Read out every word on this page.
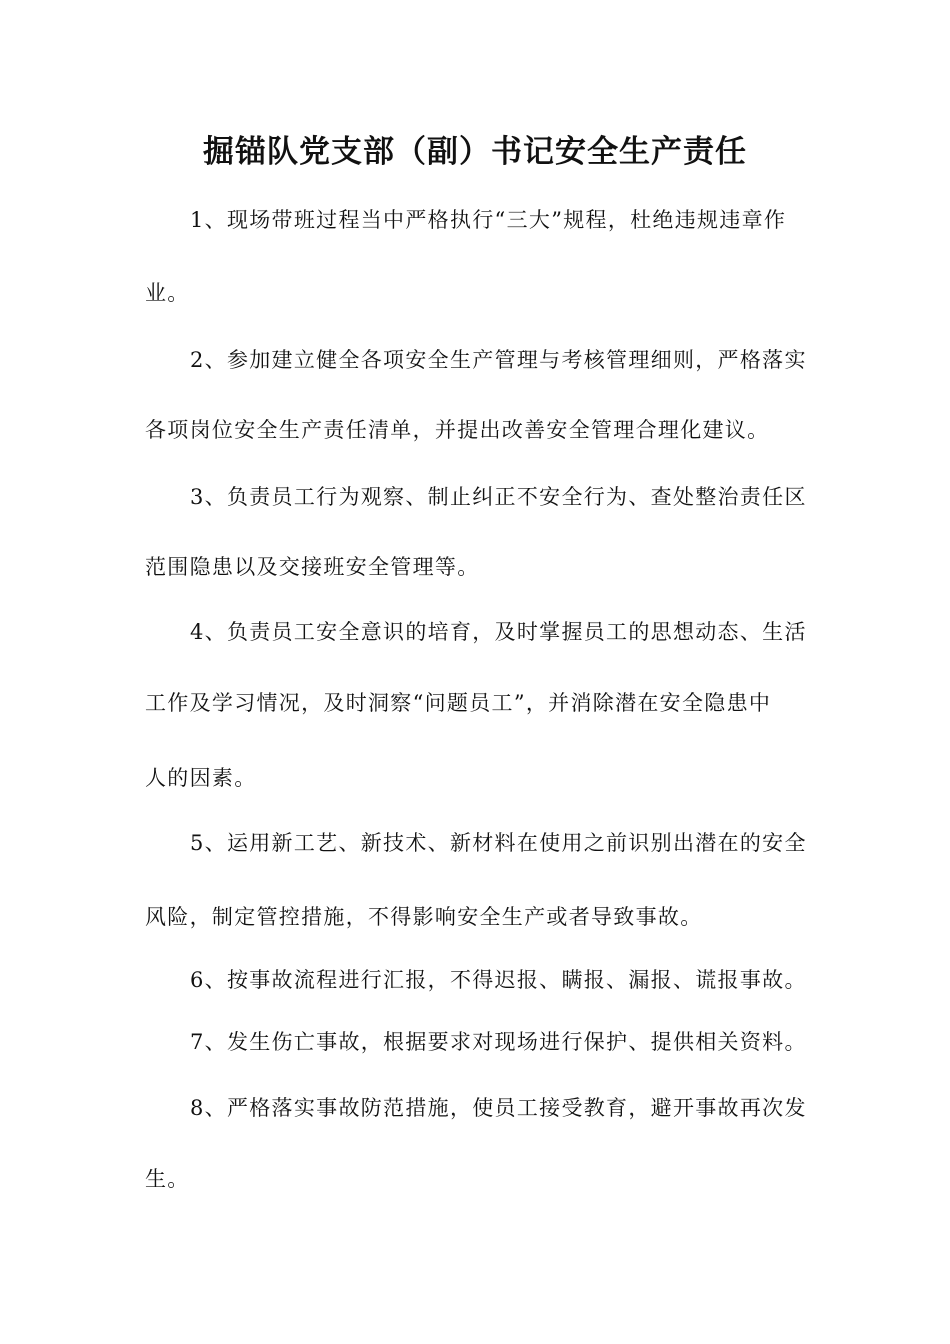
掘锚队党支部（副）书记安全生产责任

1、现场带班过程当中严格执行“三大”规程，杜绝违规违章作

业。

2、参加建立健全各项安全生产管理与考核管理细则，严格落实

各项岗位安全生产责任清单，并提出改善安全管理合理化建议。

3、负责员工行为观察、制止纠正不安全行为、查处整治责任区

范围隐患以及交接班安全管理等。

4、负责员工安全意识的培育，及时掌握员工的思想动态、生活

工作及学习情况，及时洞察“问题员工”，并消除潜在安全隐患中

人的因素。

5、运用新工艺、新技术、新材料在使用之前识别出潜在的安全

风险，制定管控措施，不得影响安全生产或者导致事故。

6、按事故流程进行汇报，不得迟报、瞒报、漏报、谎报事故。

7、发生伤亡事故，根据要求对现场进行保护、提供相关资料。

8、严格落实事故防范措施，使员工接受教育，避开事故再次发

生。
